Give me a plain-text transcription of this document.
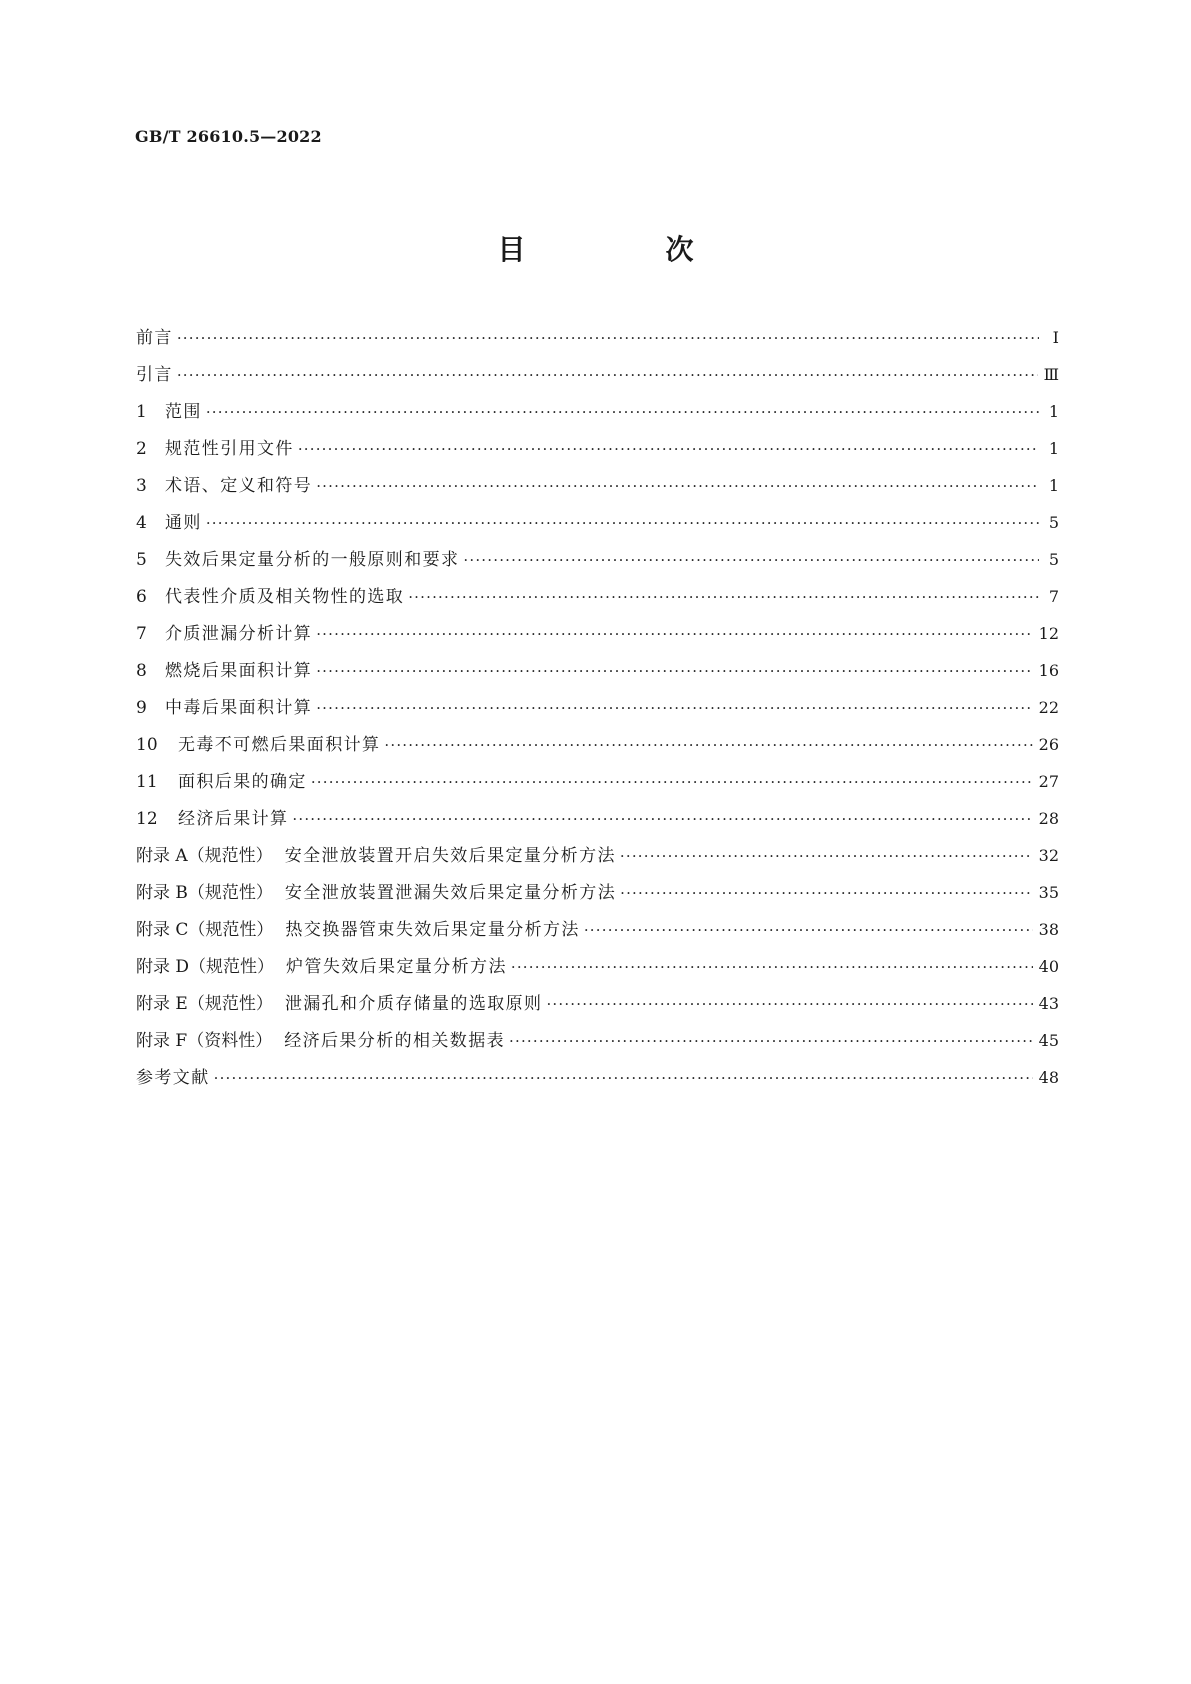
GB/T 26610.5—2022
目　次
前言 ·····	Ⅰ
引言 ·····	Ⅲ
1 范围 ·····	1
2 规范性引用文件 ·····	1
3 术语、定义和符号 ·····	1
4 通则 ·····	5
5 失效后果定量分析的一般原则和要求 ·····	5
6 代表性介质及相关物性的选取 ·····	7
7 介质泄漏分析计算 ·····	12
8 燃烧后果面积计算 ·····	16
9 中毒后果面积计算 ·····	22
10 无毒不可燃后果面积计算 ·····	26
11 面积后果的确定 ·····	27
12 经济后果计算 ·····	28
附录 A（规范性） 安全泄放装置开启失效后果定量分析方法 ·····	32
附录 B（规范性） 安全泄放装置泄漏失效后果定量分析方法 ·····	35
附录 C（规范性） 热交换器管束失效后果定量分析方法 ·····	38
附录 D（规范性） 炉管失效后果定量分析方法 ·····	40
附录 E（规范性） 泄漏孔和介质存储量的选取原则 ·····	43
附录 F（资料性） 经济后果分析的相关数据表 ·····	45
参考文献 ·····	48
